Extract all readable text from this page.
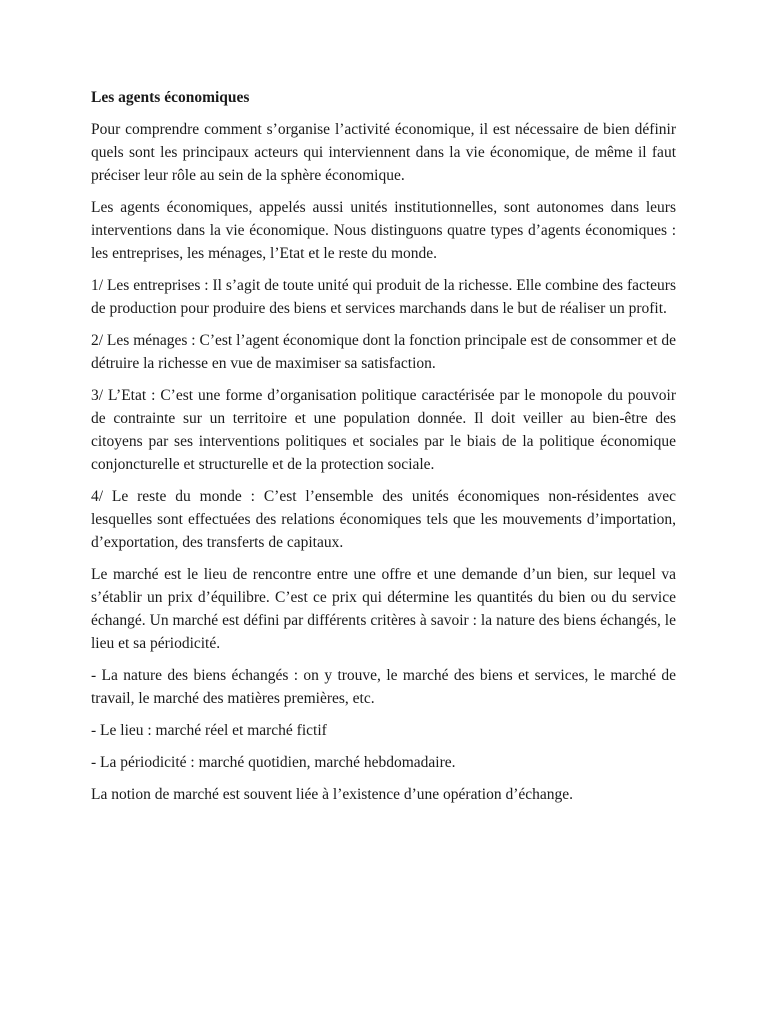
Les agents économiques

Pour comprendre comment s’organise l’activité économique, il est nécessaire de bien définir quels sont les principaux acteurs qui interviennent dans la vie économique, de même il faut préciser leur rôle au sein de la sphère économique.

Les agents économiques, appelés aussi unités institutionnelles, sont autonomes dans leurs interventions dans la vie économique. Nous distinguons quatre types d’agents économiques : les entreprises, les ménages, l’Etat et le reste du monde.

1/ Les entreprises : Il s’agit de toute unité qui produit de la richesse. Elle combine des facteurs de production pour produire des biens et services marchands dans le but de réaliser un profit.

2/ Les ménages : C’est l’agent économique dont la fonction principale est de consommer et de détruire la richesse en vue de maximiser sa satisfaction.

3/ L’Etat : C’est une forme d’organisation politique caractérisée par le monopole du pouvoir de contrainte sur un territoire et une population donnée. Il doit veiller au bien-être des citoyens par ses interventions politiques et sociales par le biais de la politique économique conjoncturelle et structurelle et de la protection sociale.

4/ Le reste du monde : C’est l’ensemble des unités économiques non-résidentes avec lesquelles sont effectuées des relations économiques tels que les mouvements d’importation, d’exportation, des transferts de capitaux.

Le marché est le lieu de rencontre entre une offre et une demande d’un bien, sur lequel va s’établir un prix d’équilibre. C’est ce prix qui détermine les quantités du bien ou du service échangé. Un marché est défini par différents critères à savoir : la nature des biens échangés, le lieu et sa périodicité.

- La nature des biens échangés : on y trouve, le marché des biens et services, le marché de travail, le marché des matières premières, etc.

- Le lieu : marché réel et marché fictif

- La périodicité : marché quotidien, marché hebdomadaire.

La notion de marché est souvent liée à l’existence d’une opération d’échange.
